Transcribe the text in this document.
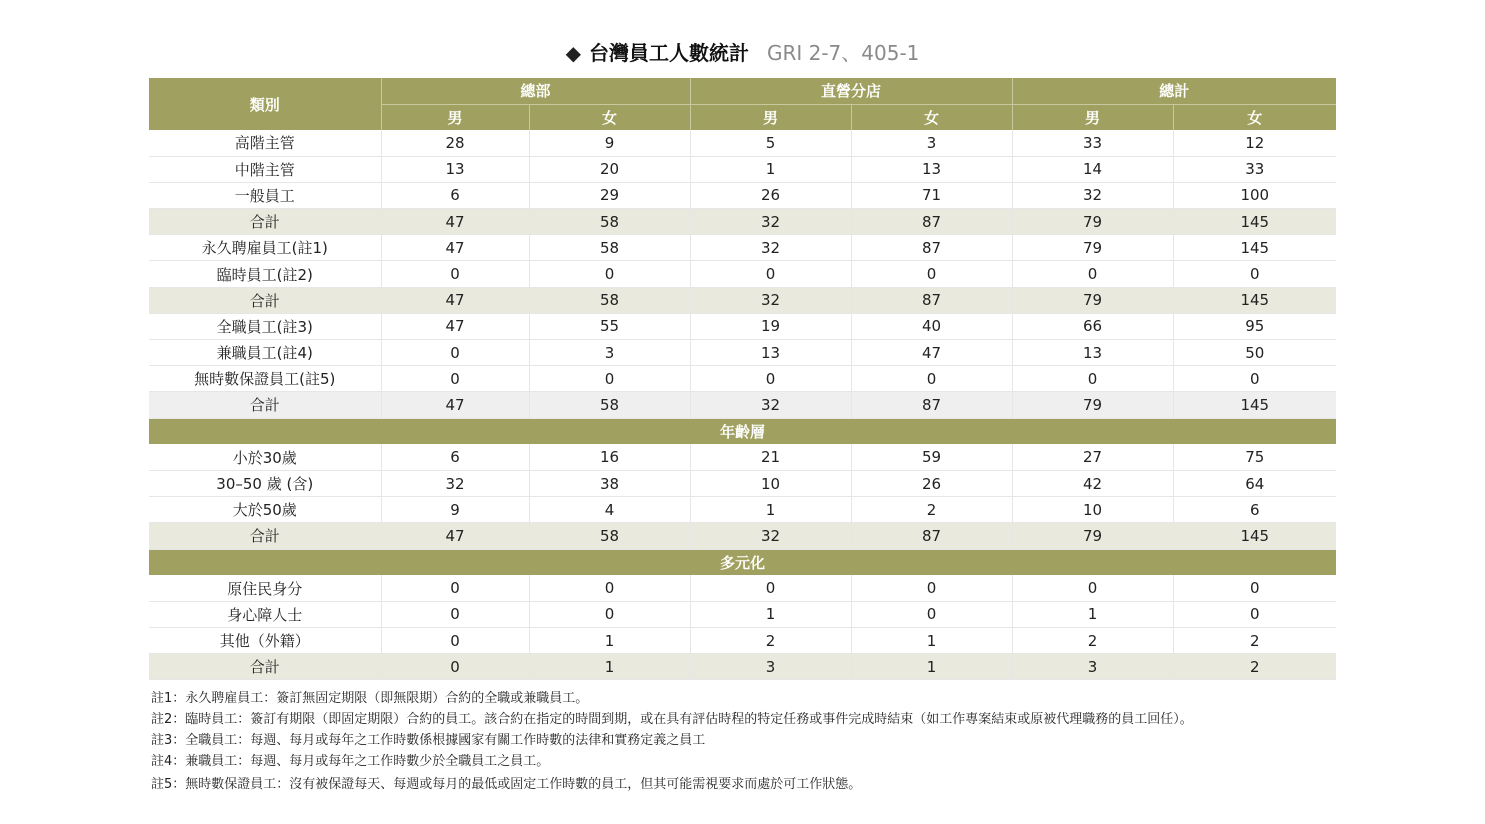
◆ 台灣員工人數統計 GRI 2-7、405-1
類別	總部		直營分店		總計	
	男	女	男	女	男	女
高階主管	28	9	5	3	33	12
中階主管	13	20	1	13	14	33
一般員工	6	29	26	71	32	100
合計	47	58	32	87	79	145
永久聘雇員工(註1)	47	58	32	87	79	145
臨時員工(註2)	0	0	0	0	0	0
合計	47	58	32	87	79	145
全職員工(註3)	47	55	19	40	66	95
兼職員工(註4)	0	3	13	47	13	50
無時數保證員工(註5)	0	0	0	0	0	0
合計	47	58	32	87	79	145
年齡層						
小於30歲	6	16	21	59	27	75
30–50 歲 (含)	32	38	10	26	42	64
大於50歲	9	4	1	2	10	6
合計	47	58	32	87	79	145
多元化						
原住民身分	0	0	0	0	0	0
身心障人士	0	0	1	0	1	0
其他（外籍）	0	1	2	1	2	2
合計	0	1	3	1	3	2
註1：永久聘雇員工：簽訂無固定期限（即無限期）合約的全職或兼職員工。
註2：臨時員工：簽訂有期限（即固定期限）合約的員工。該合約在指定的時間到期，或在具有評估時程的特定任務或事件完成時結束（如工作專案結束或原被代理職務的員工回任）。
註3：全職員工：每週、每月或每年之工作時數係根據國家有關工作時數的法律和實務定義之員工
註4：兼職員工：每週、每月或每年之工作時數少於全職員工之員工。
註5：無時數保證員工：沒有被保證每天、每週或每月的最低或固定工作時數的員工，但其可能需視要求而處於可工作狀態。
